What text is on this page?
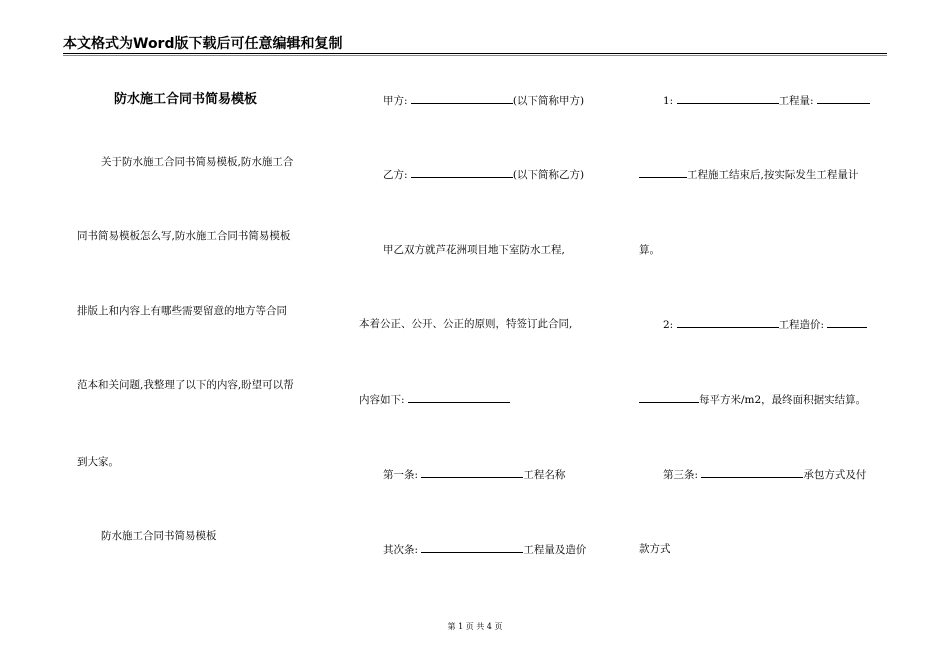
本文格式为Word版下载后可任意编辑和复制
防水施工合同书简易模板
关于防水施工合同书简易模板,防水施工合
同书简易模板怎么写,防水施工合同书简易模板
排版上和内容上有哪些需要留意的地方等合同
范本和关问题,我整理了以下的内容,盼望可以帮
到大家。
防水施工合同书简易模板
甲方:	(以下简称甲方)
乙方:	(以下简称乙方)
甲乙双方就芦花洲项目地下室防水工程,
本着公正、公开、公正的原则，特签订此合同,
内容如下:
第一条:	工程名称
其次条:	工程量及造价
1:	工程量:
工程施工结束后,按实际发生工程量计
算。
2:	工程造价:
每平方米/m2，最终面积据实结算。
第三条:	承包方式及付
款方式
第 1 页 共 4 页
